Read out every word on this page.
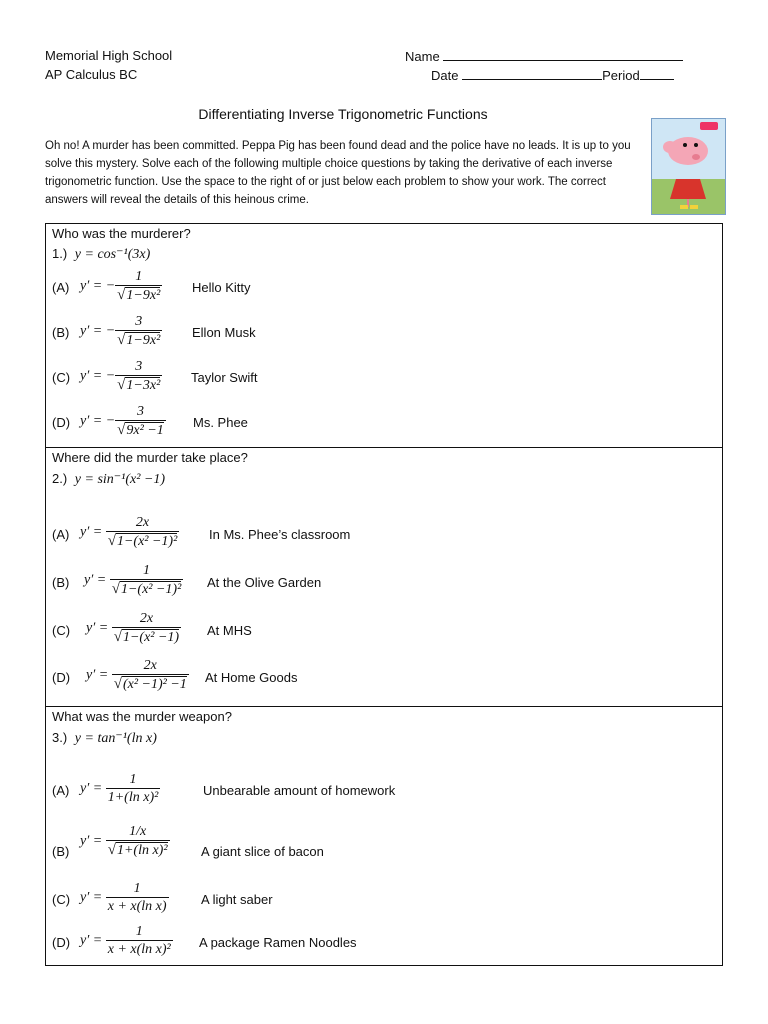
Memorial High School
AP Calculus BC
Name
Date	Period
Differentiating Inverse Trigonometric Functions
Oh no! A murder has been committed. Peppa Pig has been found dead and the police have no leads. It is up to you solve this mystery. Solve each of the following multiple choice questions by taking the derivative of each inverse trigonometric function. Use the space to the right of or just below each problem to show your work. The correct answers will reveal the details of this heinous crime.
Who was the murderer?
1.) y = cos⁻¹(3x)
(A) y′ = − $\frac{1}{\text{√1−9x²}}$ Hello Kitty
(B) y′ = − $\frac{3}{\text{√1−9x²}}$ Ellon Musk
(C) y′ = − $\frac{3}{\text{√1−3x²}}$ Taylor Swift
(D) y′ = − $\frac{3}{\text{√9x² −1}} Ms$. Phee
Where did the murder take place?
2.) y = sin⁻¹(x² −1)
(A) $y' = \frac{2x}{\text{√1−(x² −1)²}}$ In Ms. Phee’s classroom
(B) $y' = \frac{1}{\text{√1−(x² −1)²}}$ At the Olive Garden
(C) $y' = \frac{2x}{\text{√1−(x² −1)}}$ At MHS
(D) $y' = \frac{2x}{\text{√(x² −1)² −1}}$ At Home Goods
What was the murder weapon?
3.) y = tan⁻¹(ln x)
(A) $y' = \frac{1}{\text{1+(ln x)²}}$	Unbearable amount of homework
(B)
$y' = \frac{1/x}{\text{√1+(ln x)²}}$ A giant slice of bacon
(C) $y' = \frac{1}{\text{x + x(ln x)}}$ A light saber
(D) $y' = \frac{1}{\text{x + x(ln x)²}}$ A package Ramen Noodles
